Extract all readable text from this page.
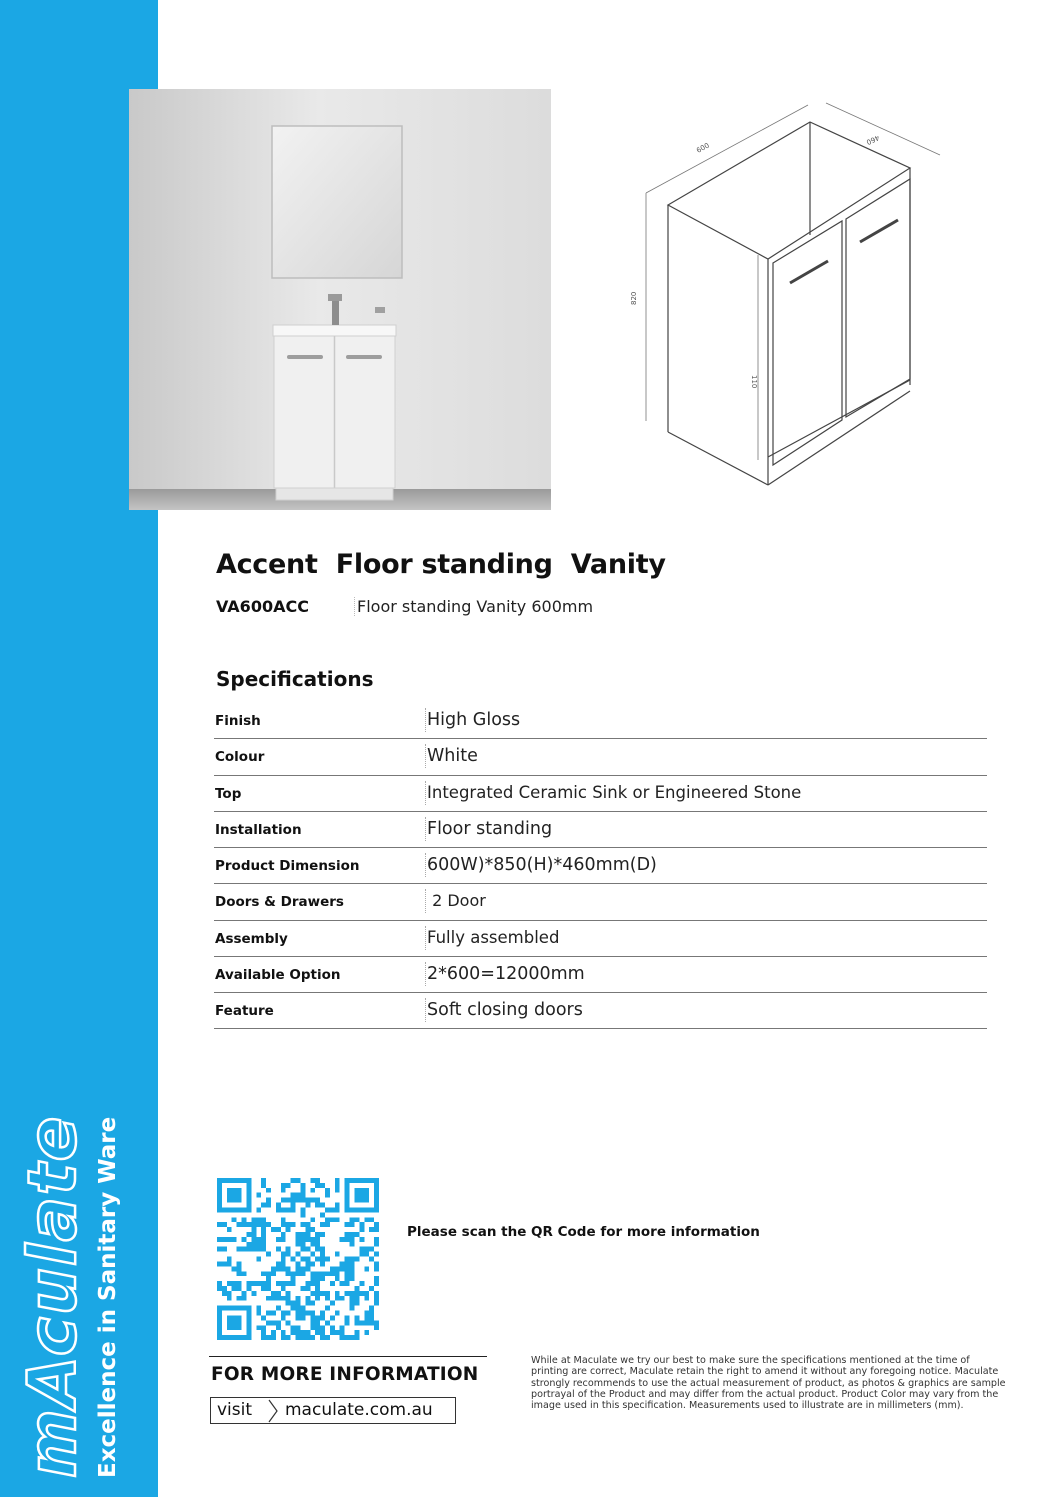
mAculate Excellence in Sanitary Ware
600
460
820
110
Accent  Floor standing  Vanity
VA600ACC	Floor standing Vanity 600mm
Specifications
Finish	High Gloss
Colour	White
Top	Integrated Ceramic Sink or Engineered Stone
Installation	Floor standing
Product Dimension	600W)*850(H)*460mm(D)
Doors & Drawers	2 Door
Assembly	Fully assembled
Available Option	2*600=12000mm
Feature	Soft closing doors
Please scan the QR Code for more information
FOR MORE INFORMATION
visit maculate.com.au
While at Maculate we try our best to make sure the specifications mentioned at the time of printing are correct, Maculate retain the right to amend it without any foregoing notice. Maculate strongly recommends to use the actual measurement of product, as photos & graphics are sample portrayal of the Product and may differ from the actual product. Product Color may vary from the image used in this specification. Measurements used to illustrate are in millimeters (mm).
